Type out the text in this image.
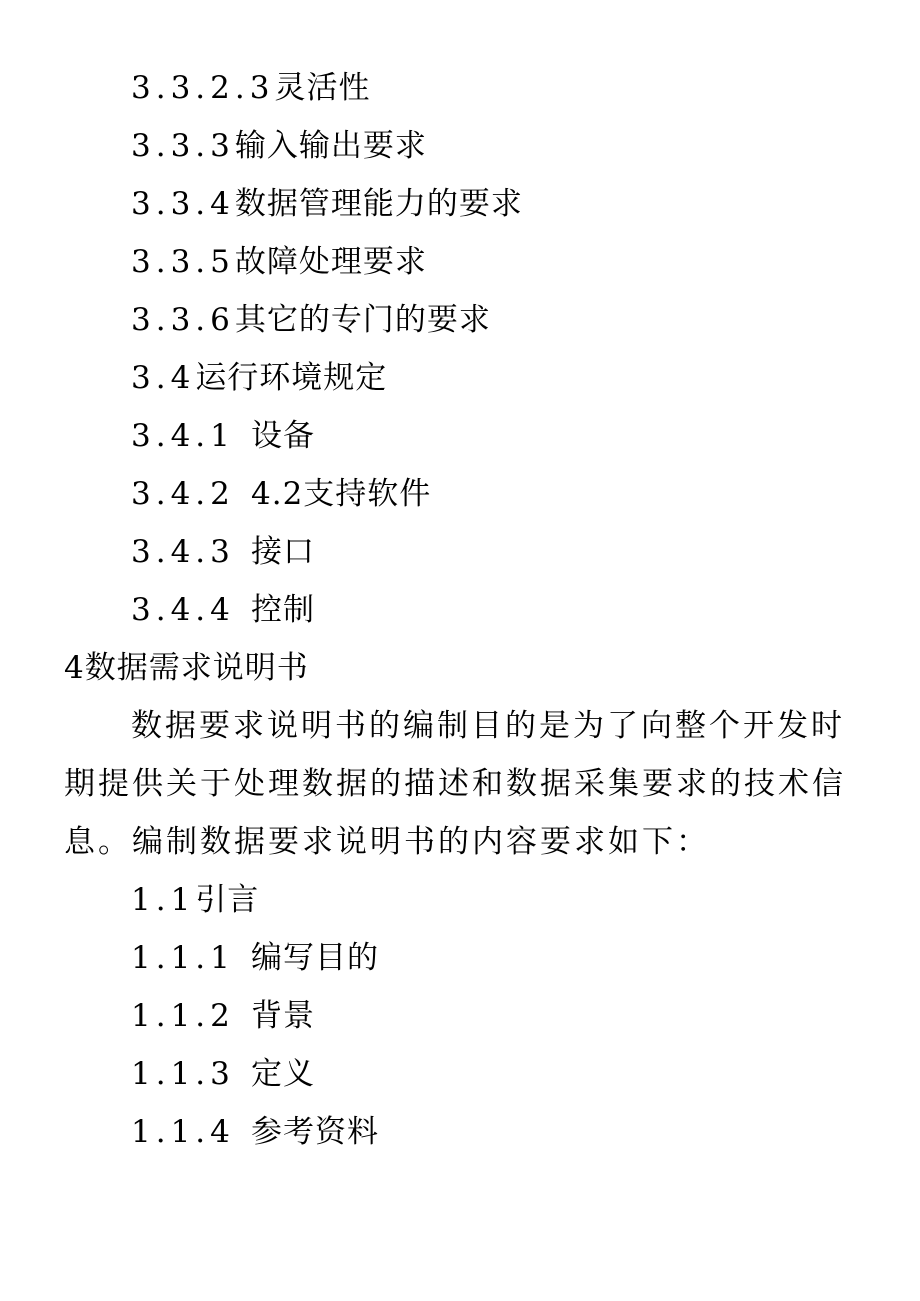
3.3.2.3灵活性
3.3.3输入输出要求
3.3.4数据管理能力的要求
3.3.5故障处理要求
3.3.6其它的专门的要求
3.4运行环境规定
3.4.1 设备
3.4.2 4.2支持软件
3.4.3 接口
3.4.4 控制
4数据需求说明书
数据要求说明书的编制目的是为了向整个开发时
期提供关于处理数据的描述和数据采集要求的技术信
息。编制数据要求说明书的内容要求如下：
1.1引言
1.1.1 编写目的
1.1.2 背景
1.1.3 定义
1.1.4 参考资料
